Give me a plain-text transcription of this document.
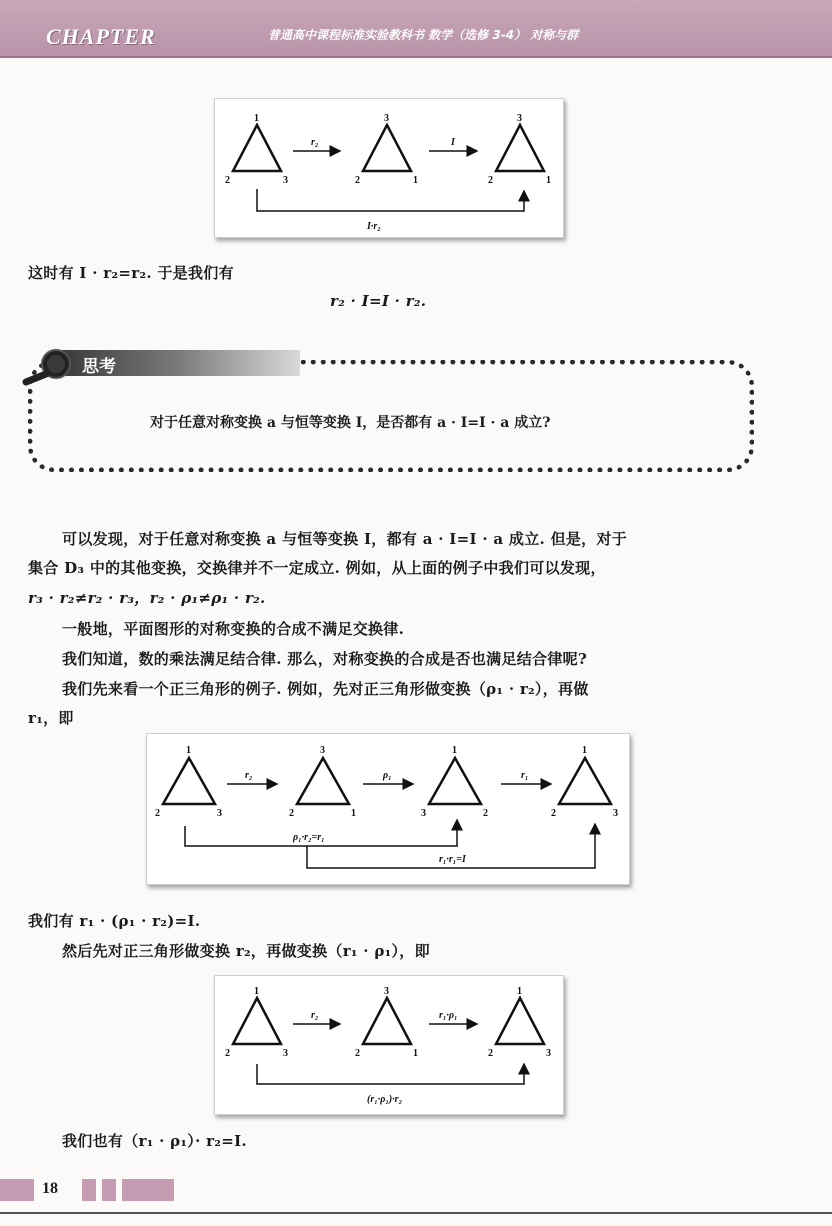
CHAPTER	普通高中课程标准实验教科书 数学（选修 3-4） 对称与群
1
2	3
3
2	1
3
2	1
r₂	I
I·r₂
这时有 I · r₂=r₂. 于是我们有
r₂ · I=I · r₂.
思考
对于任意对称变换 a 与恒等变换 I，是否都有 a · I=I · a 成立?
可以发现，对于任意对称变换 a 与恒等变换 I，都有 a · I=I · a 成立. 但是，对于
集合 D₃ 中的其他变换，交换律并不一定成立. 例如，从上面的例子中我们可以发现，
r₃ · r₂≠r₂ · r₃，r₂ · ρ₁≠ρ₁ · r₂.
一般地，平面图形的对称变换的合成不满足交换律.
我们知道，数的乘法满足结合律. 那么，对称变换的合成是否也满足结合律呢?
我们先来看一个正三角形的例子. 例如，先对正三角形做变换（ρ₁ · r₂），再做
r₁，即
1
2	3
3
2	1
1
3	2
1
2	3
r₂	ρ₁	r₁
ρ₁·r₂=r₁
r₁·r₁=I
我们有 r₁ · (ρ₁ · r₂)=I.
然后先对正三角形做变换 r₂，再做变换（r₁ · ρ₁），即
1
2	3
3
2	1
1
2	3
r₂	r₁·ρ₁
(r₁·ρ₁)·r₂
我们也有（r₁ · ρ₁）· r₂=I.
18
